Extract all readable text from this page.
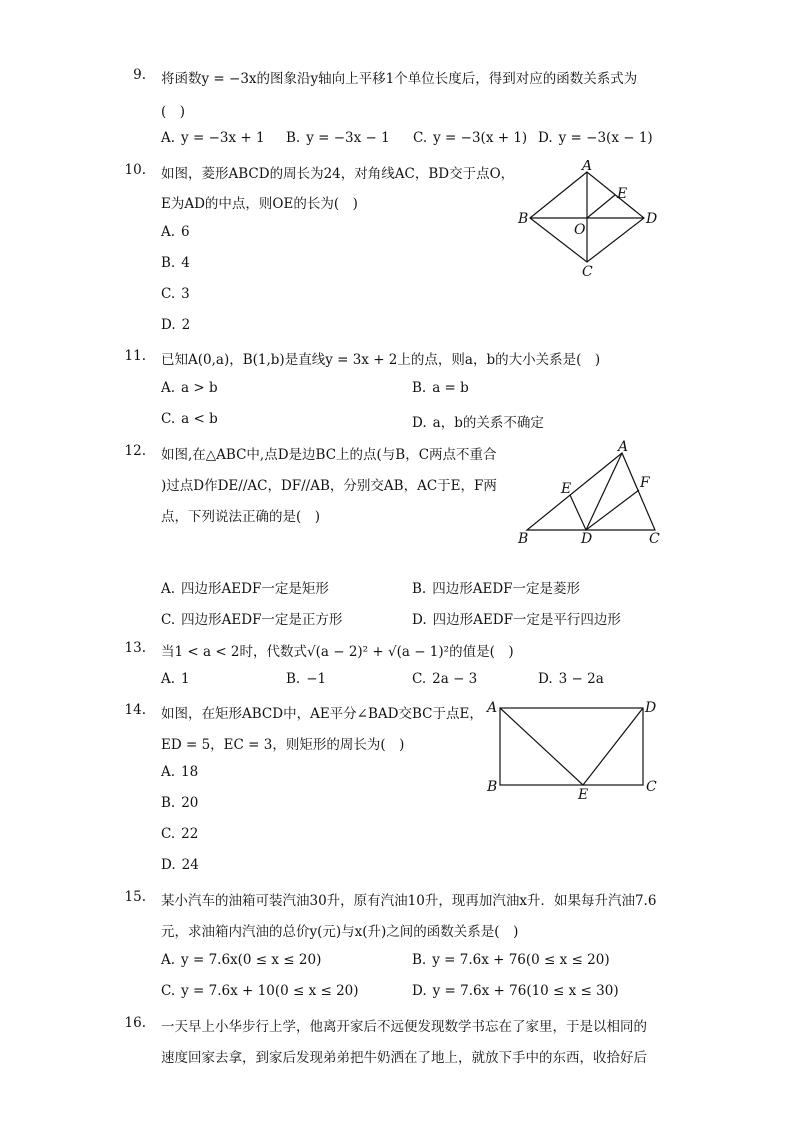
9. 将函数y = −3x的图象沿y轴向上平移1个单位长度后，得到对应的函数关系式为
(　)
A. y = −3x + 1 B. y = −3x − 1 C. y = −3(x + 1) D. y = −3(x − 1)
10. 如图，菱形ABCD的周长为24，对角线AC，BD交于点O，
E为AD的中点，则OE的长为(　)
A. 6
B. 4
C. 3
D. 2
A
B
C
D
E
O
11. 已知A(0,a)，B(1,b)是直线y = 3x + 2上的点，则a，b的大小关系是(　)
A. a > b	B. a = b
C. a < b	D. a，b的关系不确定
12. 如图,在△ABC中,点D是边BC上的点(与B，C两点不重合
)过点D作DE//AC，DF//AB，分别交AB，AC于E，F两
点，下列说法正确的是(　)
A
B	D	C
E	F
A. 四边形AEDF一定是矩形	B. 四边形AEDF一定是菱形
C. 四边形AEDF一定是正方形	D. 四边形AEDF一定是平行四边形
13. 当1 < a < 2时，代数式√(a − 2)² + √(a − 1)²的值是(　)
A. 1	B. −1	C. 2a − 3	D. 3 − 2a
14. 如图，在矩形ABCD中，AE平分∠BAD交BC于点E，
ED = 5，EC = 3，则矩形的周长为(　)
A. 18
B. 20
C. 22
D. 24
A	D
B	C
E
15. 某小汽车的油箱可装汽油30升，原有汽油10升，现再加汽油x升．如果每升汽油7.6
元，求油箱内汽油的总价y(元)与x(升)之间的函数关系是(　)
A. y = 7.6x(0 ≤ x ≤ 20)	B. y = 7.6x + 76(0 ≤ x ≤ 20)
C. y = 7.6x + 10(0 ≤ x ≤ 20)	D. y = 7.6x + 76(10 ≤ x ≤ 30)
16. 一天早上小华步行上学，他离开家后不远便发现数学书忘在了家里，于是以相同的
速度回家去拿，到家后发现弟弟把牛奶洒在了地上，就放下手中的东西，收拾好后
